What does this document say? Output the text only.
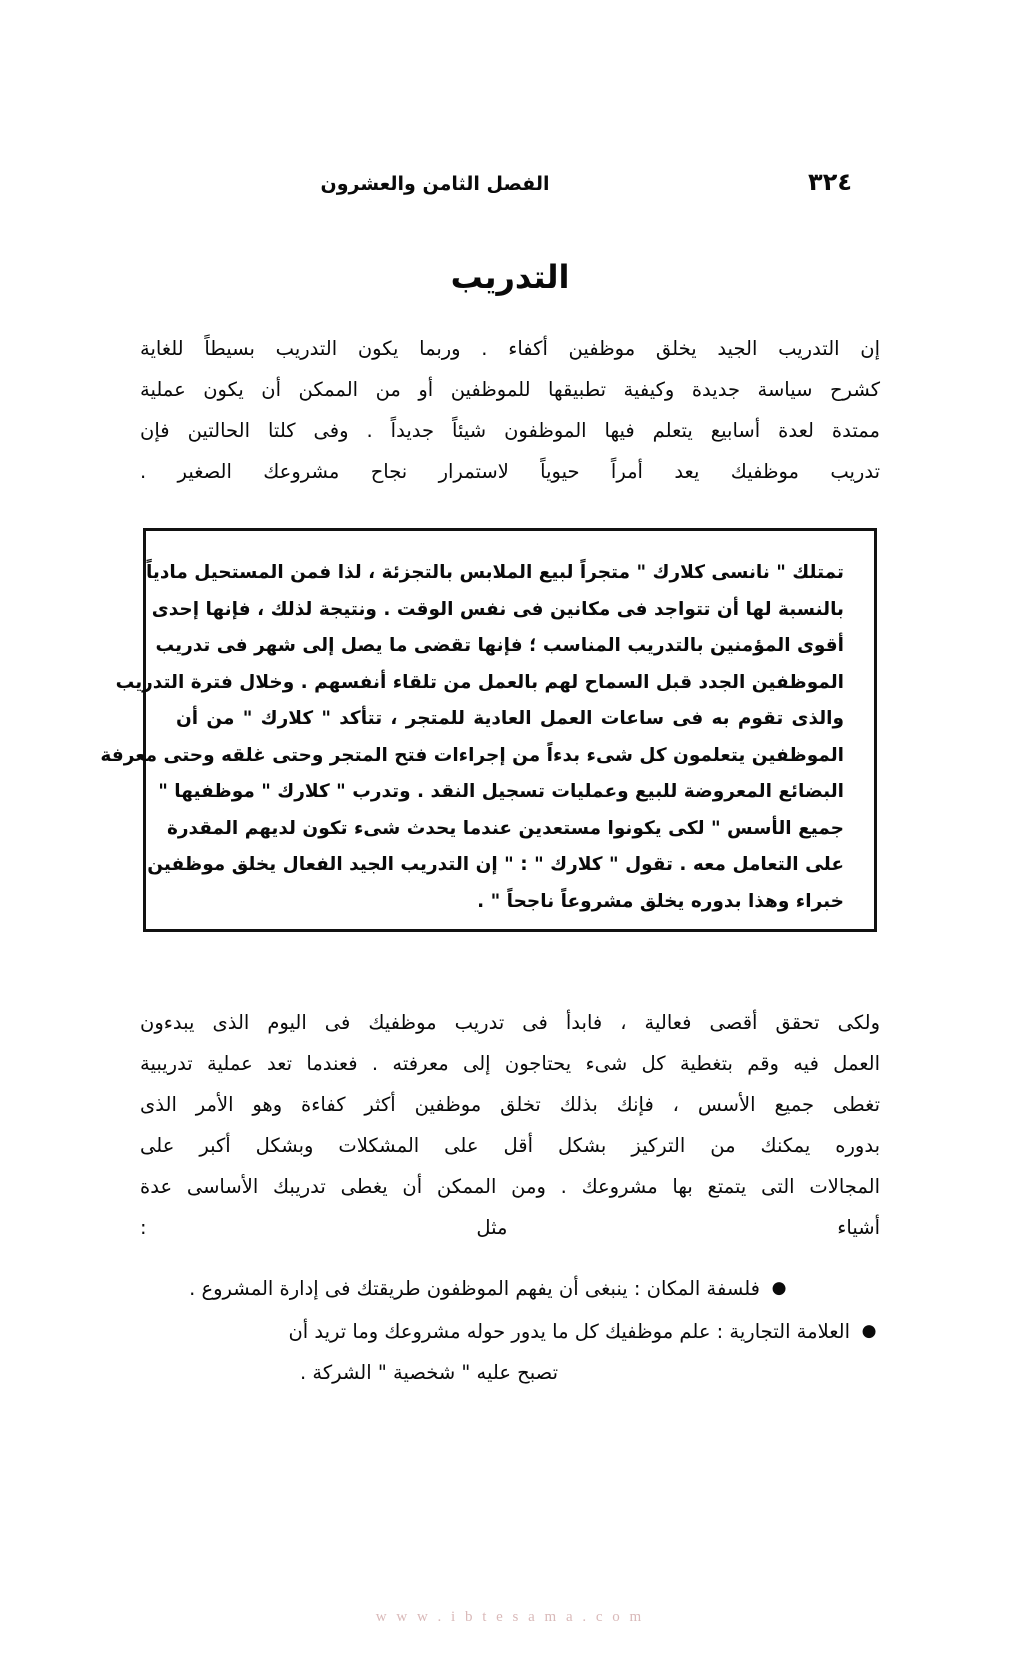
٣٢٤
الفصل الثامن والعشرون
التدريب
إن التدريب الجيد يخلق موظفين أكفاء . وربما يكون التدريب بسيطاً للغاية
كشرح سياسة جديدة وكيفية تطبيقها للموظفين أو من الممكن أن يكون عملية
ممتدة لعدة أسابيع يتعلم فيها الموظفون شيئاً جديداً . وفى كلتا الحالتين فإن
تدريب موظفيك يعد أمراً حيوياً لاستمرار نجاح مشروعك الصغير .
تمتلك " نانسى كلارك " متجراً لبيع الملابس بالتجزئة ، لذا فمن المستحيل مادياً
بالنسبة لها أن تتواجد فى مكانين فى نفس الوقت . ونتيجة لذلك ، فإنها إحدى
أقوى المؤمنين بالتدريب المناسب ؛ فإنها تقضى ما يصل إلى شهر فى تدريب
الموظفين الجدد قبل السماح لهم بالعمل من تلقاء أنفسهم . وخلال فترة التدريب
والذى تقوم به فى ساعات العمل العادية للمتجر ، تتأكد " كلارك " من أن
الموظفين يتعلمون كل شىء بدءاً من إجراءات فتح المتجر وحتى غلقه وحتى معرفة
البضائع المعروضة للبيع وعمليات تسجيل النقد . وتدرب " كلارك " موظفيها "
جميع الأسس " لكى يكونوا مستعدين عندما يحدث شىء تكون لديهم المقدرة
على التعامل معه . تقول " كلارك " : " إن التدريب الجيد الفعال يخلق موظفين
خبراء وهذا بدوره يخلق مشروعاً ناجحاً " .
ولكى تحقق أقصى فعالية ، فابدأ فى تدريب موظفيك فى اليوم الذى يبدءون
العمل فيه وقم بتغطية كل شىء يحتاجون إلى معرفته . فعندما تعد عملية تدريبية
تغطى جميع الأسس ، فإنك بذلك تخلق موظفين أكثر كفاءة وهو الأمر الذى
بدوره يمكنك من التركيز بشكل أقل على المشكلات وبشكل أكبر على
المجالات التى يتمتع بها مشروعك . ومن الممكن أن يغطى تدريبك الأساسى عدة
أشياء مثل :
●
فلسفة المكان : ينبغى أن يفهم الموظفون طريقتك فى إدارة المشروع .
●
العلامة التجارية : علم موظفيك كل ما يدور حوله مشروعك وما تريد أن
تصبح عليه " شخصية " الشركة .
w w w . i b t e s a m a . c o m
